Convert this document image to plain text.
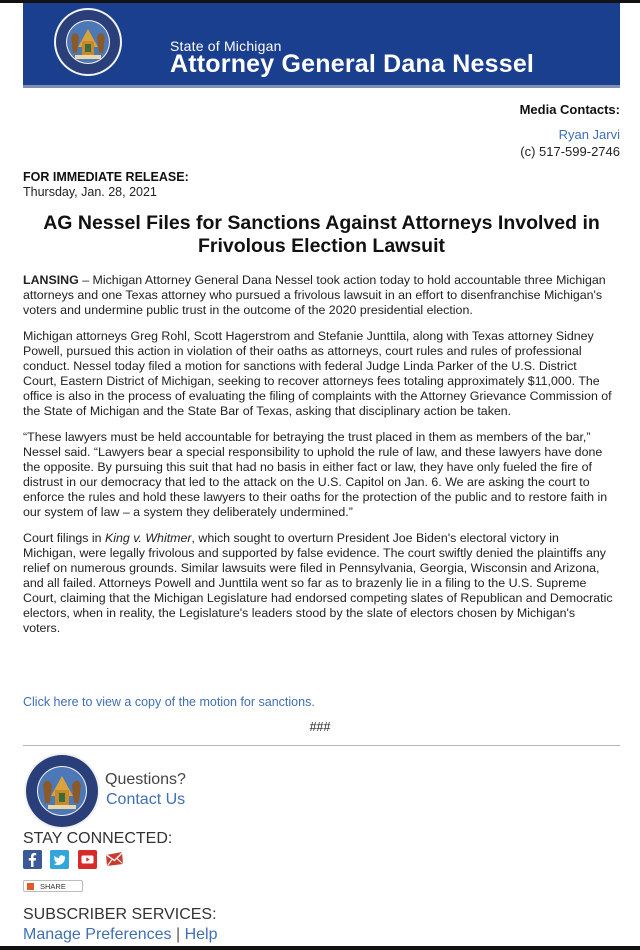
State of Michigan
Attorney General Dana Nessel
Media Contacts:
Ryan Jarvi
(c) 517-599-2746
FOR IMMEDIATE RELEASE:
Thursday, Jan. 28, 2021
AG Nessel Files for Sanctions Against Attorneys Involved in Frivolous Election Lawsuit

LANSING – Michigan Attorney General Dana Nessel took action today to hold accountable three Michigan attorneys and one Texas attorney who pursued a frivolous lawsuit in an effort to disenfranchise Michigan's voters and undermine public trust in the outcome of the 2020 presidential election.

Michigan attorneys Greg Rohl, Scott Hagerstrom and Stefanie Junttila, along with Texas attorney Sidney Powell, pursued this action in violation of their oaths as attorneys, court rules and rules of professional conduct. Nessel today filed a motion for sanctions with federal Judge Linda Parker of the U.S. District Court, Eastern District of Michigan, seeking to recover attorneys fees totaling approximately $11,000. The office is also in the process of evaluating the filing of complaints with the Attorney Grievance Commission of the State of Michigan and the State Bar of Texas, asking that disciplinary action be taken.

“These lawyers must be held accountable for betraying the trust placed in them as members of the bar,” Nessel said. “Lawyers bear a special responsibility to uphold the rule of law, and these lawyers have done the opposite. By pursuing this suit that had no basis in either fact or law, they have only fueled the fire of distrust in our democracy that led to the attack on the U.S. Capitol on Jan. 6. We are asking the court to enforce the rules and hold these lawyers to their oaths for the protection of the public and to restore faith in our system of law – a system they deliberately undermined.”

Court filings in King v. Whitmer, which sought to overturn President Joe Biden's electoral victory in Michigan, were legally frivolous and supported by false evidence. The court swiftly denied the plaintiffs any relief on numerous grounds. Similar lawsuits were filed in Pennsylvania, Georgia, Wisconsin and Arizona, and all failed. Attorneys Powell and Junttila went so far as to brazenly lie in a filing to the U.S. Supreme Court, claiming that the Michigan Legislature had endorsed competing slates of Republican and Democratic electors, when in reality, the Legislature's leaders stood by the slate of electors chosen by Michigan's voters.

Click here to view a copy of the motion for sanctions.
###
Questions?
Contact Us
STAY CONNECTED:
SHARE
SUBSCRIBER SERVICES:
Manage Preferences | Help
